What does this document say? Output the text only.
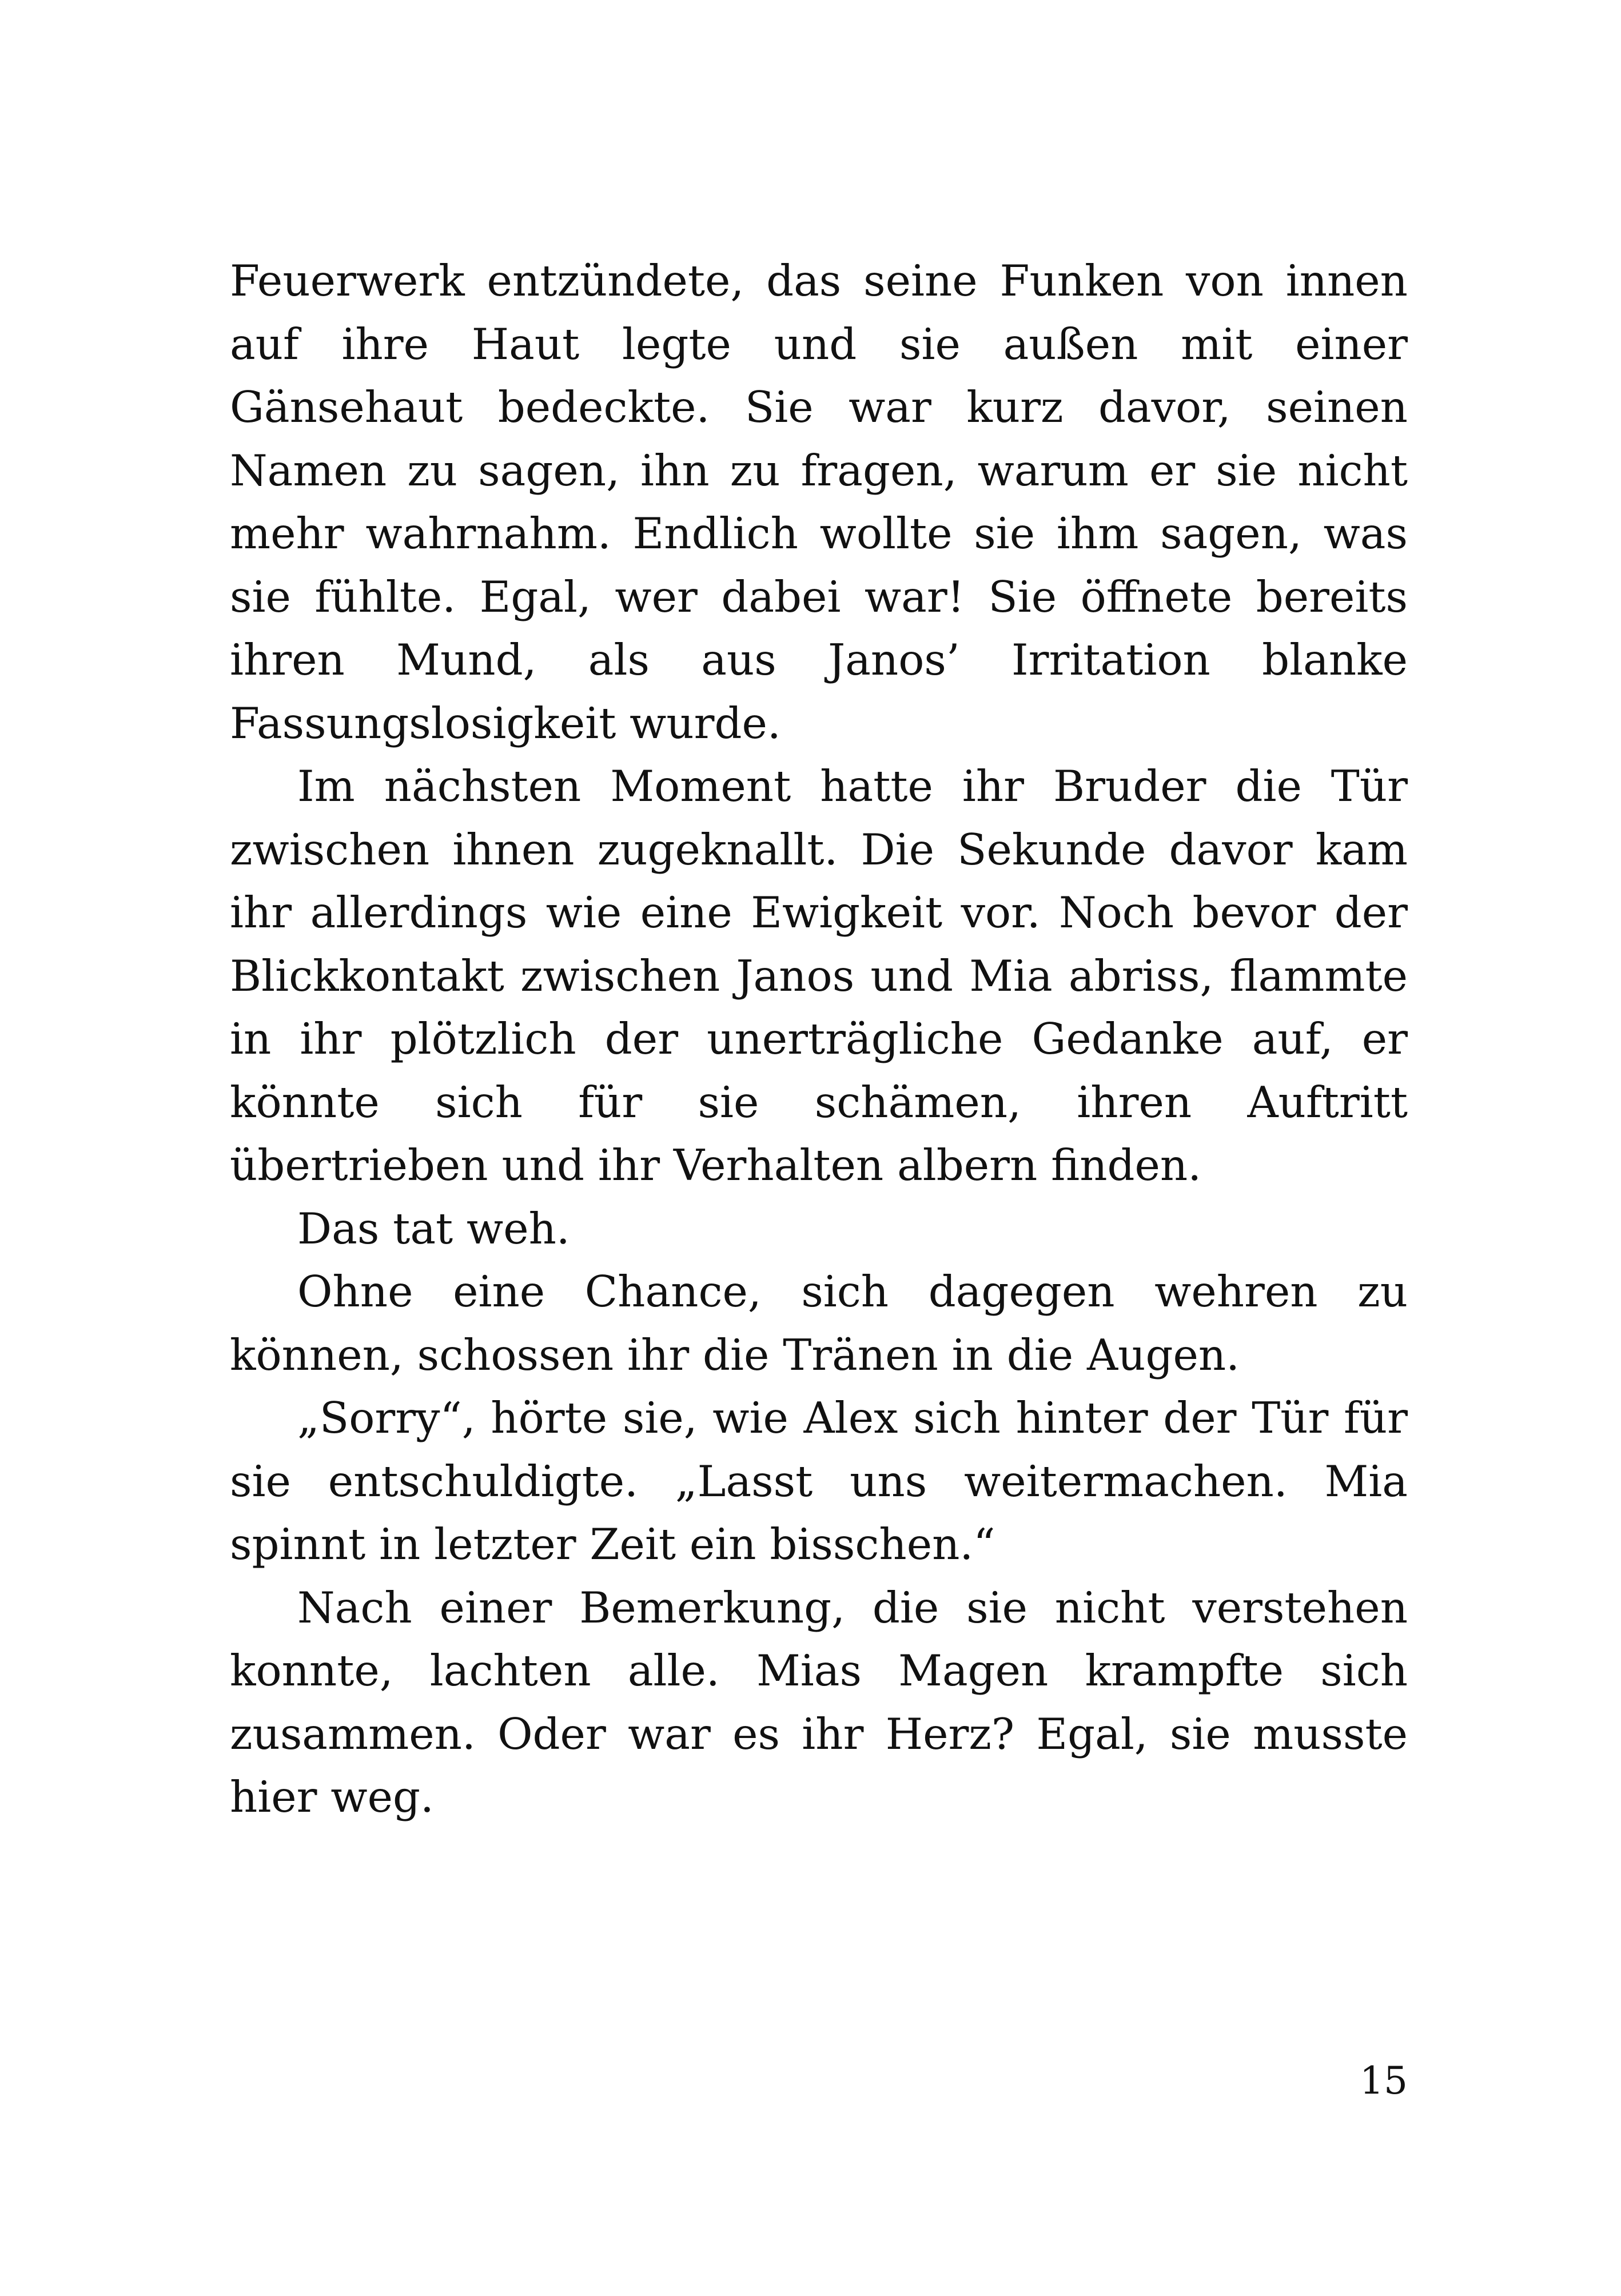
Feuerwerk entzündete, das seine Funken von innen auf ihre Haut legte und sie außen mit einer Gänsehaut bedeckte. Sie war kurz davor, seinen Namen zu sagen, ihn zu fragen, warum er sie nicht mehr wahrnahm. Endlich wollte sie ihm sagen, was sie fühlte. Egal, wer dabei war! Sie öffnete bereits ihren Mund, als aus Janos’ Irritation blanke Fassungslosigkeit wurde.

Im nächsten Moment hatte ihr Bruder die Tür zwischen ihnen zugeknallt. Die Sekunde davor kam ihr allerdings wie eine Ewigkeit vor. Noch bevor der Blickkontakt zwischen Janos und Mia abriss, flammte in ihr plötzlich der unerträgliche Gedanke auf, er könnte sich für sie schämen, ihren Auftritt übertrieben und ihr Verhalten albern finden.

Das tat weh.

Ohne eine Chance, sich dagegen wehren zu können, schossen ihr die Tränen in die Augen.

„Sorry“, hörte sie, wie Alex sich hinter der Tür für sie entschuldigte. „Lasst uns weitermachen. Mia spinnt in letzter Zeit ein bisschen.“

Nach einer Bemerkung, die sie nicht verstehen konnte, lachten alle. Mias Magen krampfte sich zusammen. Oder war es ihr Herz? Egal, sie musste hier weg.

15
